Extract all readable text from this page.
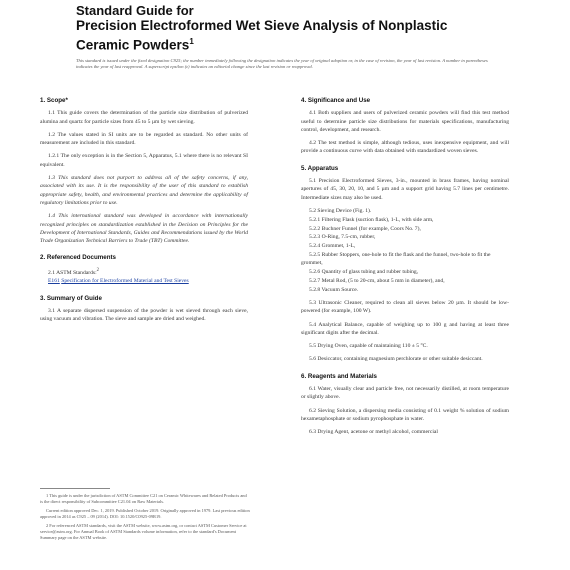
Standard Guide for
Precision Electroformed Wet Sieve Analysis of Nonplastic
Ceramic Powders$^1$
This standard is issued under the fixed designation C925; the number immediately following the designation indicates the year of original adoption or, in the case of revision, the year of last revision. A number in parentheses indicates the year of last reapproval. A superscript epsilon (ε) indicates an editorial change since the last revision or reapproval.
1. Scope*
1.1 This guide covers the determination of the particle size distribution of pulverized alumina and quartz for particle sizes from 45 to 5 µm by wet sieving.
1.2 The values stated in SI units are to be regarded as standard. No other units of measurement are included in this standard.
1.2.1 The only exception is in the Section 5, Apparatus, 5.1 where there is no relevant SI equivalent.
1.3 This standard does not purport to address all of the safety concerns, if any, associated with its use. It is the responsibility of the user of this standard to establish appropriate safety, health, and environmental practices and determine the applicability of regulatory limitations prior to use.
1.4 This international standard was developed in accordance with internationally recognized principles on standardization established in the Decision on Principles for the Development of International Standards, Guides and Recommendations issued by the World Trade Organization Technical Barriers to Trade (TBT) Committee.
2. Referenced Documents
2.1 ASTM Standards:$^2$
E161 Specification for Electroformed Material and Test Sieves
3. Summary of Guide
3.1 A separate dispersed suspension of the powder is wet sieved through each sieve, using vacuum and vibration. The sieve and sample are dried and weighed.
4. Significance and Use
4.1 Both suppliers and users of pulverized ceramic powders will find this test method useful to determine particle size distributions for materials specifications, manufacturing control, development, and research.
4.2 The test method is simple, although tedious, uses inexpensive equipment, and will provide a continuous curve with data obtained with standardized woven sieves.
5. Apparatus
5.1 Precision Electroformed Sieves, 3-in., mounted in brass frames, having nominal apertures of 45, 30, 20, 10, and 5 µm and a support grid having 5.7 lines per centimetre. Intermediate sizes may also be used.
5.2 Sieving Device (Fig. 1).
5.2.1 Filtering Flask (suction flask), 1-L, with side arm,
5.2.2 Buchner Funnel (for example, Coors No. 7),
5.2.3 O-Ring, 7.5-cm, rubber,
5.2.4 Grommet, 1-L,
5.2.5 Rubber Stoppers, one-hole to fit the flask and the funnel, two-hole to fit the grommet,
5.2.6 Quantity of glass tubing and rubber tubing,
5.2.7 Metal Rod, (5 to 20-cm, about 5 mm in diameter), and,
5.2.8 Vacuum Source.
5.3 Ultrasonic Cleaner, required to clean all sieves below 20 µm. It should be low-powered (for example, 100 W).
5.4 Analytical Balance, capable of weighing up to 100 g and having at least three significant digits after the decimal.
5.5 Drying Oven, capable of maintaining 110 ± 5 °C.
5.6 Desiccator, containing magnesium perchlorate or other suitable desiccant.
6. Reagents and Materials
6.1 Water, visually clear and particle free, not necessarily distilled, at room temperature or slightly above.
6.2 Sieving Solution, a dispersing media consisting of 0.1 weight % solution of sodium hexametaphosphate or sodium pyrophosphate in water.
6.3 Drying Agent, acetone or methyl alcohol, commercial
1 This guide is under the jurisdiction of ASTM Committee C21 on Ceramic Whitewares and Related Products and is the direct responsibility of Subcommittee C21.04 on Raw Materials.
Current edition approved Dec. 1, 2019. Published October 2019. Originally approved in 1979. Last previous edition approved in 2014 as C925 – 09 (2014). DOI: 10.1520/C0925-09R19.
2 For referenced ASTM standards, visit the ASTM website, www.astm.org, or contact ASTM Customer Service at service@astm.org. For Annual Book of ASTM Standards volume information, refer to the standard's Document Summary page on the ASTM website.
